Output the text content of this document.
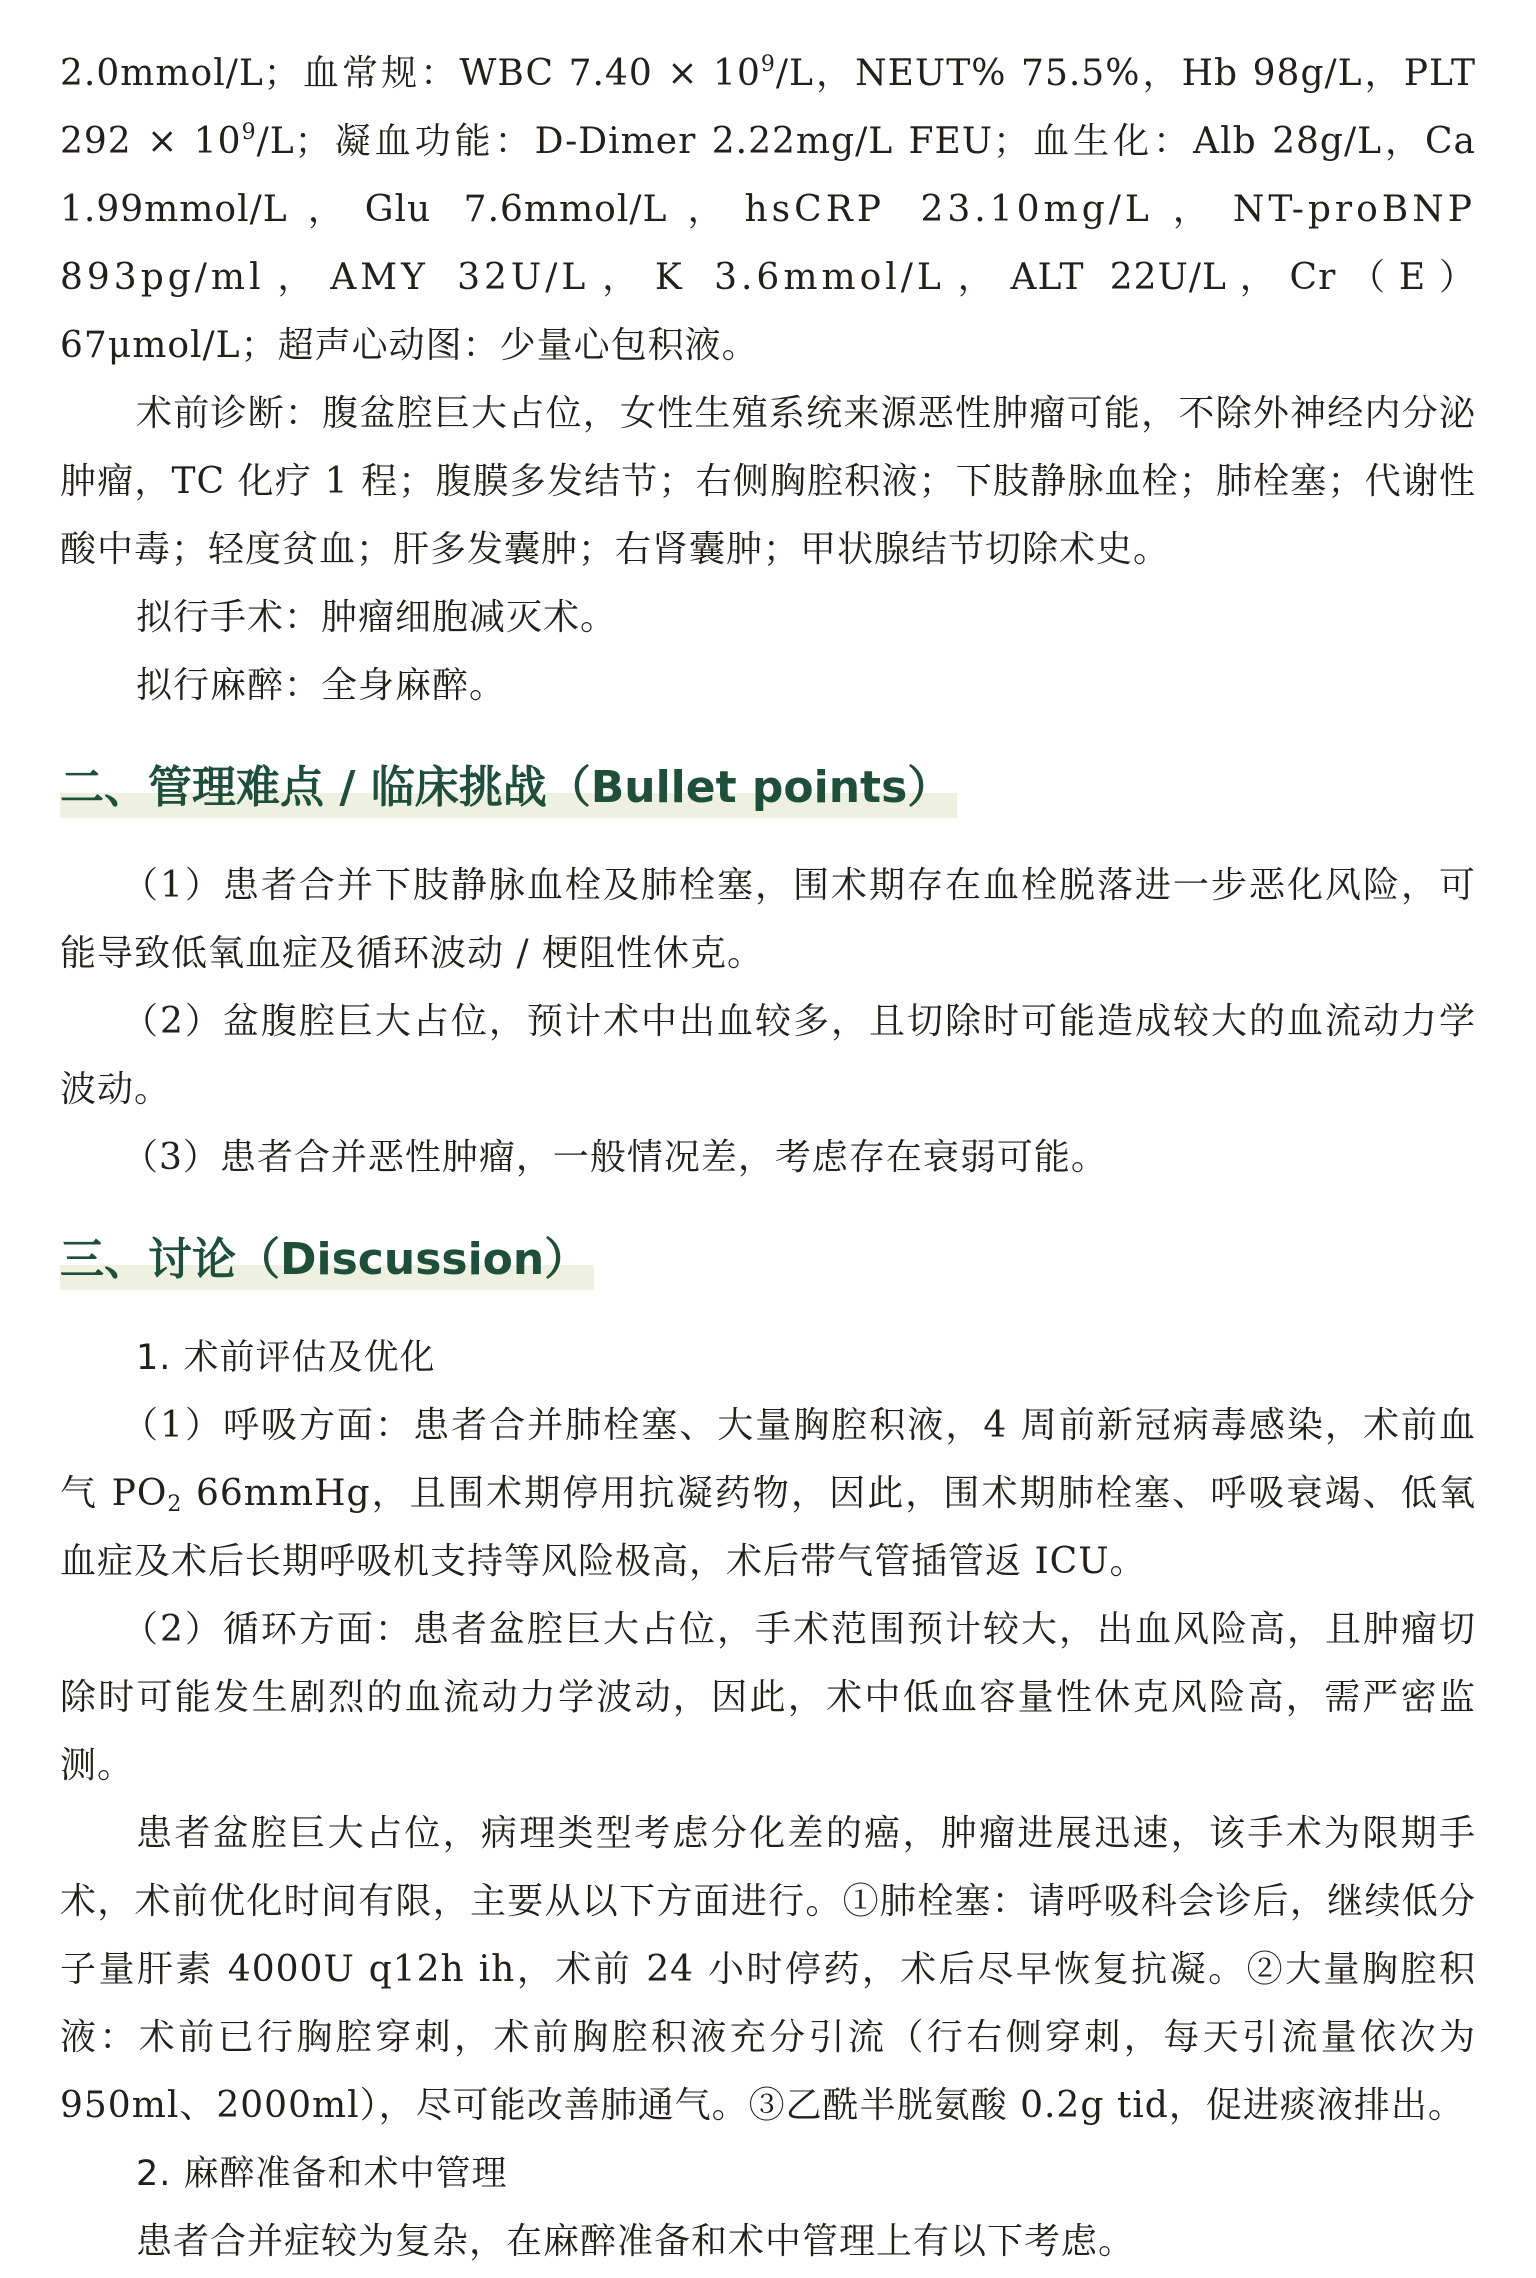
2.0mmol/L；血常规：WBC $7.40 \times 10^9/L$，NEUT% 75.5%，Hb 98g/L，PLT $292 \times 10^9/L$；凝血功能：D-Dimer 2.22mg/L FEU；血生化：Alb 28g/L，Ca 1.99mmol/L，Glu 7.6mmol/L，hsCRP 23.10mg/L，NT-proBNP 893pg/ml，AMY 32U/L，K 3.6mmol/L，ALT 22U/L，Cr（E）67μmol/L；超声心动图：少量心包积液。

术前诊断：腹盆腔巨大占位，女性生殖系统来源恶性肿瘤可能，不除外神经内分泌肿瘤，TC 化疗 1 程；腹膜多发结节；右侧胸腔积液；下肢静脉血栓；肺栓塞；代谢性酸中毒；轻度贫血；肝多发囊肿；右肾囊肿；甲状腺结节切除术史。

拟行手术：肿瘤细胞减灭术。

拟行麻醉：全身麻醉。

二、管理难点 / 临床挑战（Bullet points）

（1）患者合并下肢静脉血栓及肺栓塞，围术期存在血栓脱落进一步恶化风险，可能导致低氧血症及循环波动 / 梗阻性休克。

（2）盆腹腔巨大占位，预计术中出血较多，且切除时可能造成较大的血流动力学波动。

（3）患者合并恶性肿瘤，一般情况差，考虑存在衰弱可能。

三、讨论（Discussion）

1. 术前评估及优化

（1）呼吸方面：患者合并肺栓塞、大量胸腔积液，4 周前新冠病毒感染，术前血气 $PO_2$ 66mmHg，且围术期停用抗凝药物，因此，围术期肺栓塞、呼吸衰竭、低氧血症及术后长期呼吸机支持等风险极高，术后带气管插管返 ICU。

（2）循环方面：患者盆腔巨大占位，手术范围预计较大，出血风险高，且肿瘤切除时可能发生剧烈的血流动力学波动，因此，术中低血容量性休克风险高，需严密监测。

患者盆腔巨大占位，病理类型考虑分化差的癌，肿瘤进展迅速，该手术为限期手术，术前优化时间有限，主要从以下方面进行。①肺栓塞：请呼吸科会诊后，继续低分子量肝素 4000U q12h ih，术前 24 小时停药，术后尽早恢复抗凝。②大量胸腔积液：术前已行胸腔穿刺，术前胸腔积液充分引流（行右侧穿刺，每天引流量依次为 950ml、2000ml），尽可能改善肺通气。③乙酰半胱氨酸 0.2g tid，促进痰液排出。

2. 麻醉准备和术中管理

患者合并症较为复杂，在麻醉准备和术中管理上有以下考虑。
